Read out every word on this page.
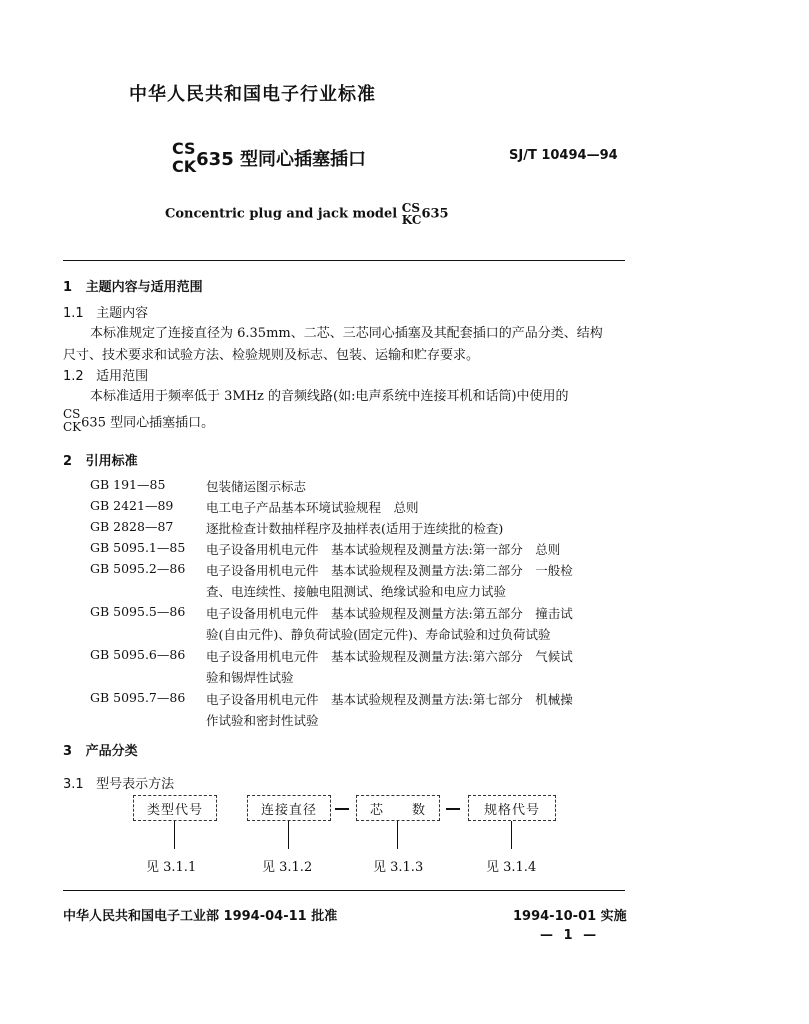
中华人民共和国电子行业标准
CS
CK635 型同心插塞插口	SJ/T 10494—94
Concentric plug and jack model CS
KC635
1 主题内容与适用范围
1.1 主题内容
本标准规定了连接直径为 6.35mm、二芯、三芯同心插塞及其配套插口的产品分类、结构
尺寸、技术要求和试验方法、检验规则及标志、包装、运输和贮存要求。
1.2 适用范围
本标准适用于频率低于 3MHz 的音频线路(如:电声系统中连接耳机和话筒)中使用的
CS
CK635 型同心插塞插口。
2 引用标准
GB 191—85	包装储运图示标志
GB 2421—89	电工电子产品基本环境试验规程　总则
GB 2828—87	逐批检查计数抽样程序及抽样表(适用于连续批的检查)
GB 5095.1—85 电子设备用机电元件　基本试验规程及测量方法:第一部分　总则
GB 5095.2—86 电子设备用机电元件　基本试验规程及测量方法:第二部分　一般检
查、电连续性、接触电阻测试、绝缘试验和电应力试验
GB 5095.5—86 电子设备用机电元件　基本试验规程及测量方法:第五部分　撞击试
验(自由元件)、静负荷试验(固定元件)、寿命试验和过负荷试验
GB 5095.6—86 电子设备用机电元件　基本试验规程及测量方法:第六部分　气候试
验和锡焊性试验
GB 5095.7—86 电子设备用机电元件　基本试验规程及测量方法:第七部分　机械操
作试验和密封性试验
3 产品分类
3.1 型号表示方法
类型代号	连接直径	芯　　数	规格代号
见 3.1.1	见 3.1.2	见 3.1.3	见 3.1.4
中华人民共和国电子工业部 1994-04-11 批准	1994-10-01 实施
— 1 —
